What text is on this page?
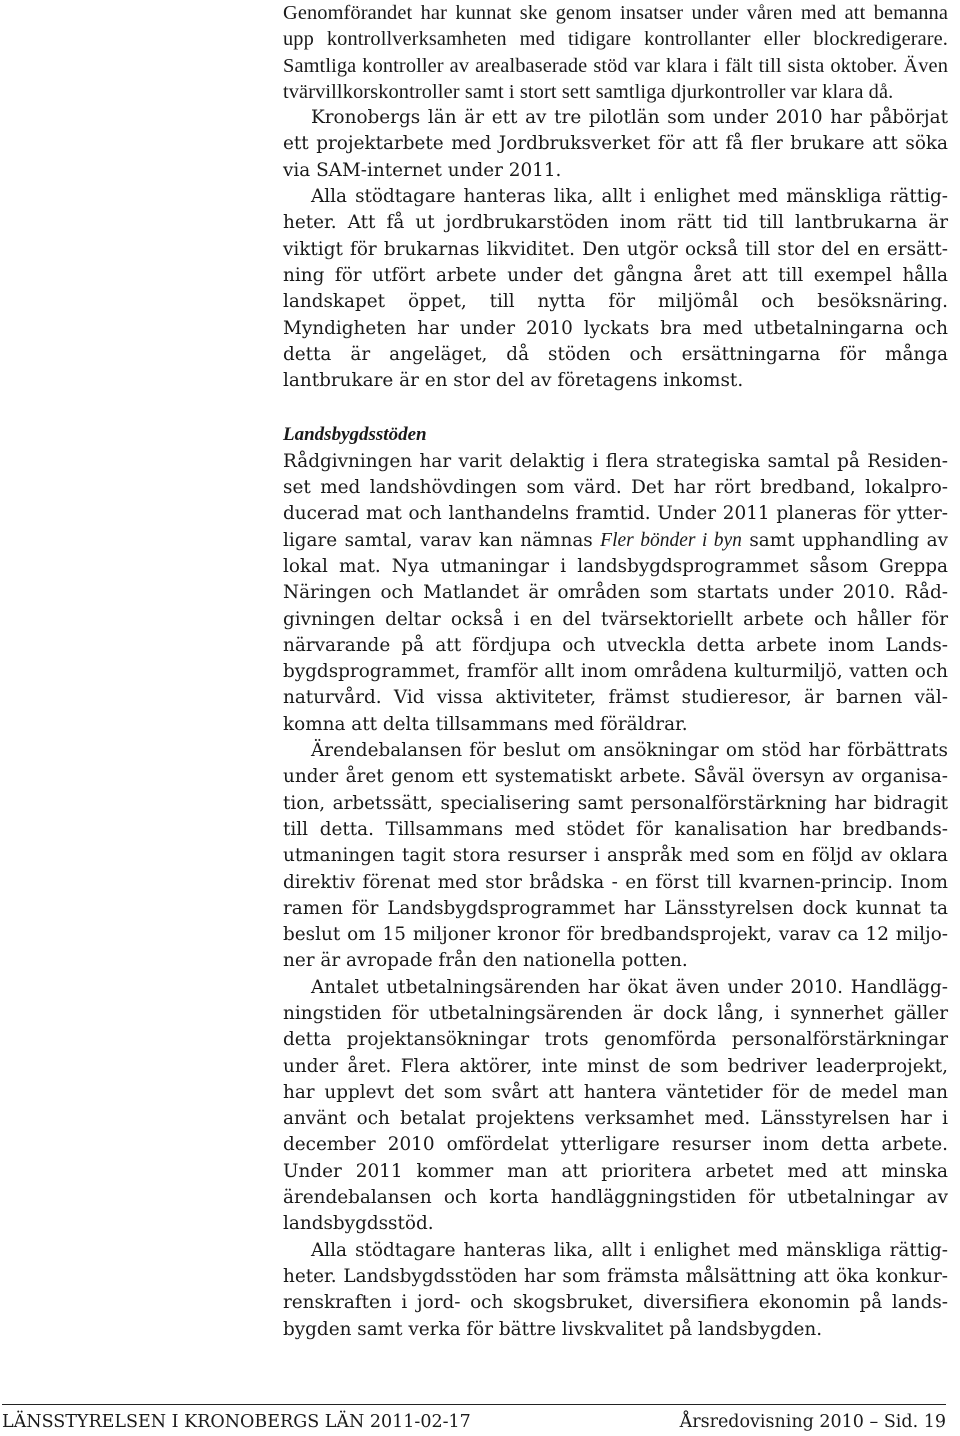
Genomförandet har kunnat ske genom insatser under våren med att bemanna upp kontrollverksamheten med tidigare kontrollanter eller blockredigerare. Samtliga kontroller av arealbaserade stöd var klara i fält till sista oktober. Även tvärvillkorskontroller samt i stort sett samtliga djurkontroller var klara då.

Kronobergs län är ett av tre pilotlän som under 2010 har påbörjat ett projektarbete med Jordbruksverket för att få fler brukare att söka via SAM-internet under 2011.

Alla stödtagare hanteras lika, allt i enlighet med mänskliga rättigheter. Att få ut jordbrukarstöden inom rätt tid till lantbrukarna är viktigt för brukarnas likviditet. Den utgör också till stor del en ersättning för utfört arbete under det gångna året att till exempel hålla landskapet öppet, till nytta för miljömål och besöksnäring. Myndigheten har under 2010 lyckats bra med utbetalningarna och detta är angeläget, då stöden och ersättningarna för många lantbrukare är en stor del av företagens inkomst.

Landsbygdsstöden

Rådgivningen har varit delaktig i flera strategiska samtal på Residenset med landshövdingen som värd. Det har rört bredband, lokalproducerad mat och lanthandelns framtid. Under 2011 planeras för ytterligare samtal, varav kan nämnas Fler bönder i byn samt upphandling av lokal mat. Nya utmaningar i landsbygdsprogrammet såsom Greppa Näringen och Matlandet är områden som startats under 2010. Rådgivningen deltar också i en del tvärsektoriellt arbete och håller för närvarande på att fördjupa och utveckla detta arbete inom Landsbygdsprogrammet, framför allt inom områdena kulturmiljö, vatten och naturvård. Vid vissa aktiviteter, främst studieresor, är barnen välkomna att delta tillsammans med föräldrar.

Ärendebalansen för beslut om ansökningar om stöd har förbättrats under året genom ett systematiskt arbete. Såväl översyn av organisation, arbetssätt, specialisering samt personalförstärkning har bidragit till detta. Tillsammans med stödet för kanalisation har bredbandsutmaningen tagit stora resurser i anspråk med som en följd av oklara direktiv förenat med stor brådska - en först till kvarnen-princip. Inom ramen för Landsbygdsprogrammet har Länsstyrelsen dock kunnat ta beslut om 15 miljoner kronor för bredbandsprojekt, varav ca 12 miljoner är avropade från den nationella potten.

Antalet utbetalningsärenden har ökat även under 2010. Handläggningstiden för utbetalningsärenden är dock lång, i synnerhet gäller detta projektansökningar trots genomförda personalförstärkningar under året. Flera aktörer, inte minst de som bedriver leaderprojekt, har upplevt det som svårt att hantera väntetider för de medel man använt och betalat projektens verksamhet med. Länsstyrelsen har i december 2010 omfördelat ytterligare resurser inom detta arbete. Under 2011 kommer man att prioritera arbetet med att minska ärendebalansen och korta handläggningstiden för utbetalningar av landsbygdsstöd.

Alla stödtagare hanteras lika, allt i enlighet med mänskliga rättigheter. Landsbygdsstöden har som främsta målsättning att öka konkurrenskraften i jord- och skogsbruket, diversifiera ekonomin på landsbygden samt verka för bättre livskvalitet på landsbygden.

LÄNSSTYRELSEN I KRONOBERGS LÄN 2011-02-17	Årsredovisning 2010 – Sid. 19
